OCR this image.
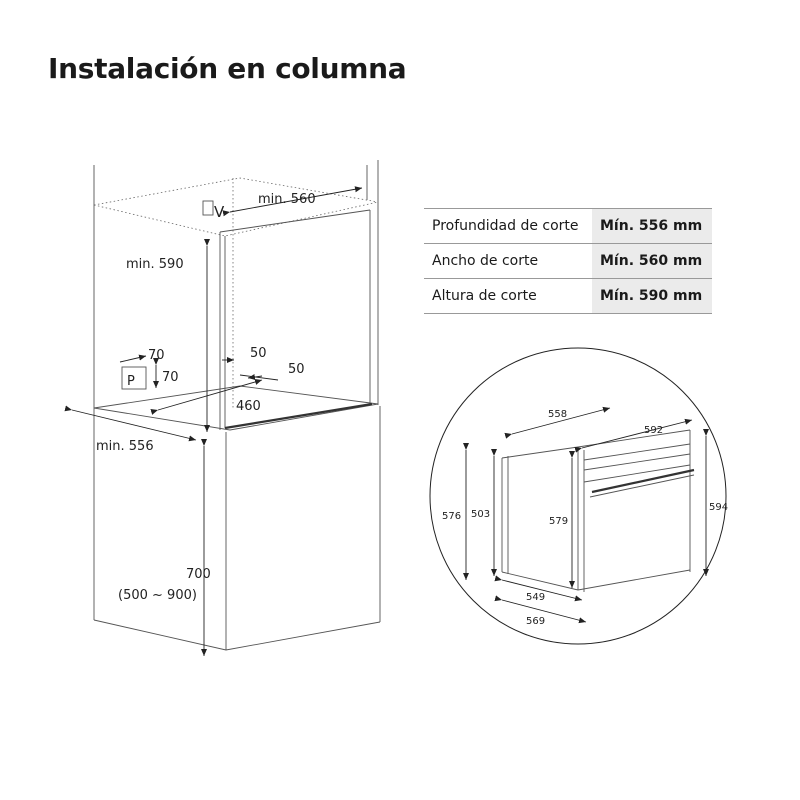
Instalación en columna
min. 560
min. 590
min. 556
V
P
70
70
50
50
460
700
(500 ~ 900)
558
592
576 503
579
594
549
569
Profundidad de corte	Mín. 556 mm
Ancho de corte	Mín. 560 mm
Altura de corte	Mín. 590 mm
